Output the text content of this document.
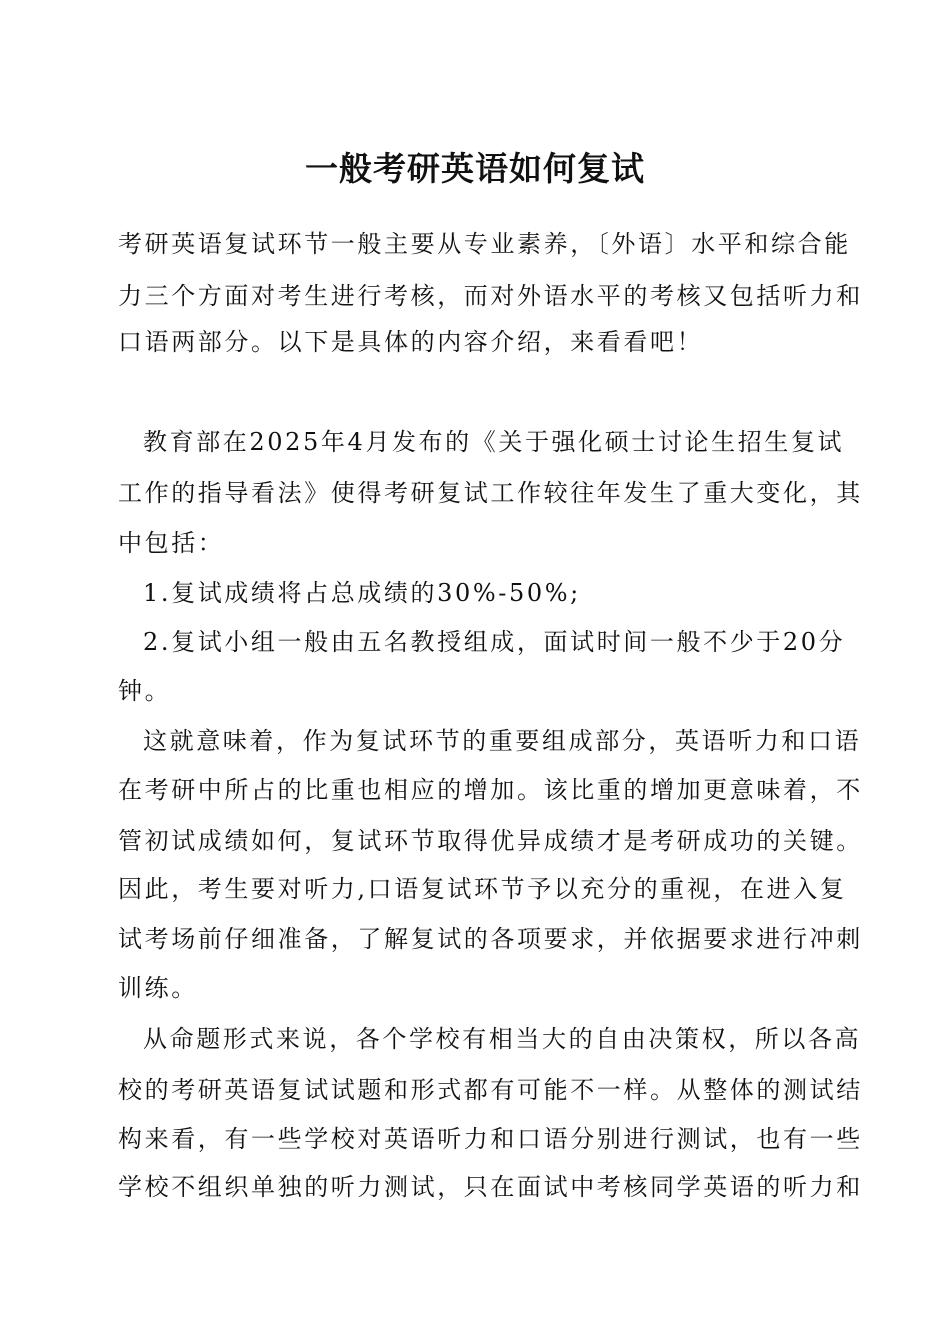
一般考研英语如何复试
考研英语复试环节一般主要从专业素养，〔外语〕水平和综合能
力三个方面对考生进行考核，而对外语水平的考核又包括听力和
口语两部分。以下是具体的内容介绍，来看看吧！
教育部在2025年4月发布的《关于强化硕士讨论生招生复试
工作的指导看法》使得考研复试工作较往年发生了重大变化，其
中包括：
1.复试成绩将占总成绩的30%-50%;
2.复试小组一般由五名教授组成，面试时间一般不少于20分
钟。
这就意味着，作为复试环节的重要组成部分，英语听力和口语
在考研中所占的比重也相应的增加。该比重的增加更意味着，不
管初试成绩如何，复试环节取得优异成绩才是考研成功的关键。
因此，考生要对听力,口语复试环节予以充分的重视，在进入复
试考场前仔细准备，了解复试的各项要求，并依据要求进行冲刺
训练。
从命题形式来说，各个学校有相当大的自由决策权，所以各高
校的考研英语复试试题和形式都有可能不一样。从整体的测试结
构来看，有一些学校对英语听力和口语分别进行测试，也有一些
学校不组织单独的听力测试，只在面试中考核同学英语的听力和
